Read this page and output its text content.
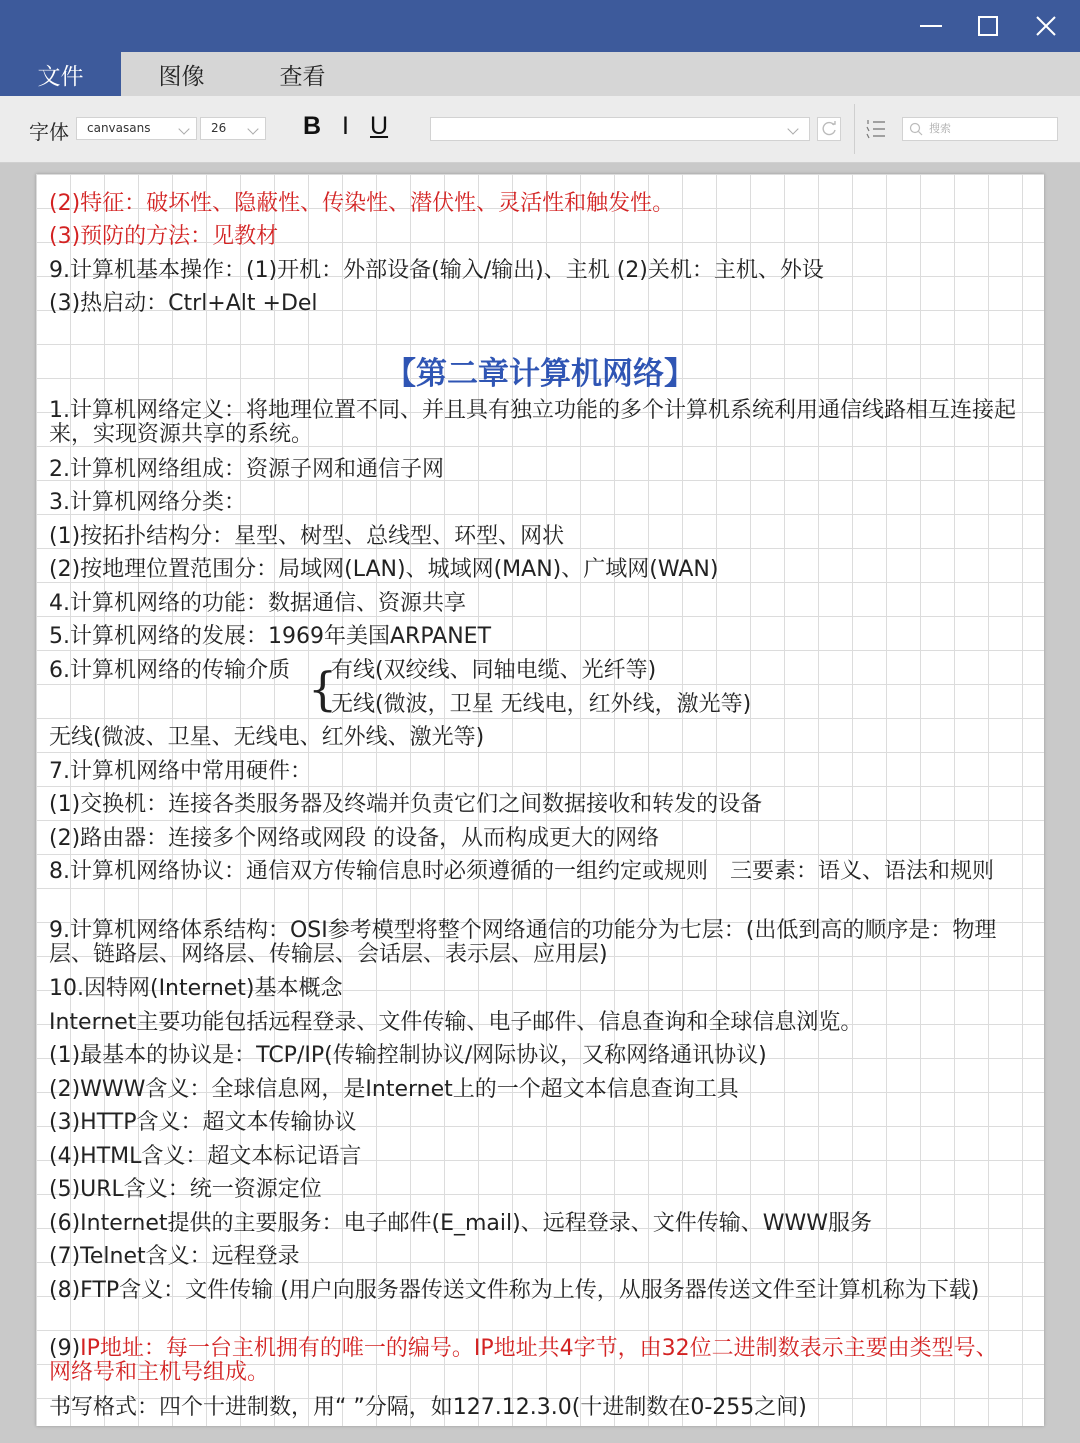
文件	图像	查看
字体	canvasans	26	B I U	搜索
(2)特征：破坏性、隐蔽性、传染性、潜伏性、灵活性和触发性。
(3)预防的方法：见教材
9.计算机基本操作：(1)开机：外部设备(输入/输出)、主机 (2)关机：主机、外设
(3)热启动：Ctrl+Alt +Del
【第二章计算机网络】
1.计算机网络定义：将地理位置不同、并且具有独立功能的多个计算机系统利用通信线路相互连接起来，实现资源共享的系统。
2.计算机网络组成：资源子网和通信子网
3.计算机网络分类：
(1)按拓扑结构分：星型、树型、总线型、环型、网状
(2)按地理位置范围分：局域网(LAN)、城域网(MAN)、广域网(WAN)
4.计算机网络的功能：数据通信、资源共享
5.计算机网络的发展：1969年美国ARPANET
6.计算机网络的传输介质 {
有线(双绞线、同轴电缆、光纤等)
无线(微波，卫星 无线电，红外线，激光等)
无线(微波、卫星、无线电、红外线、激光等)
7.计算机网络中常用硬件：
(1)交换机：连接各类服务器及终端并负责它们之间数据接收和转发的设备
(2)路由器：连接多个网络或网段 的设备，从而构成更大的网络
8.计算机网络协议：通信双方传输信息时必须遵循的一组约定或规则　三要素：语义、语法和规则
9.计算机网络体系结构：OSI参考模型将整个网络通信的功能分为七层：(出低到高的顺序是：物理层、链路层、网络层、传输层、会话层、表示层、应用层)
10.因特网(Internet)基本概念
Internet主要功能包括远程登录、文件传输、电子邮件、信息查询和全球信息浏览。
(1)最基本的协议是：TCP/IP(传输控制协议/网际协议，又称网络通讯协议)
(2)WWW含义：全球信息网，是Internet上的一个超文本信息查询工具
(3)HTTP含义：超文本传输协议
(4)HTML含义：超文本标记语言
(5)URL含义：统一资源定位
(6)Internet提供的主要服务：电子邮件(E_mail)、远程登录、文件传输、WWW服务
(7)Telnet含义：远程登录
(8)FTP含义：文件传输 (用户向服务器传送文件称为上传，从服务器传送文件至计算机称为下载)
(9)IP地址：每一台主机拥有的唯一的编号。IP地址共4字节，由32位二进制数表示主要由类型号、网络号和主机号组成。
书写格式：四个十进制数，用“ ”分隔，如127.12.3.0(十进制数在0-255之间)
